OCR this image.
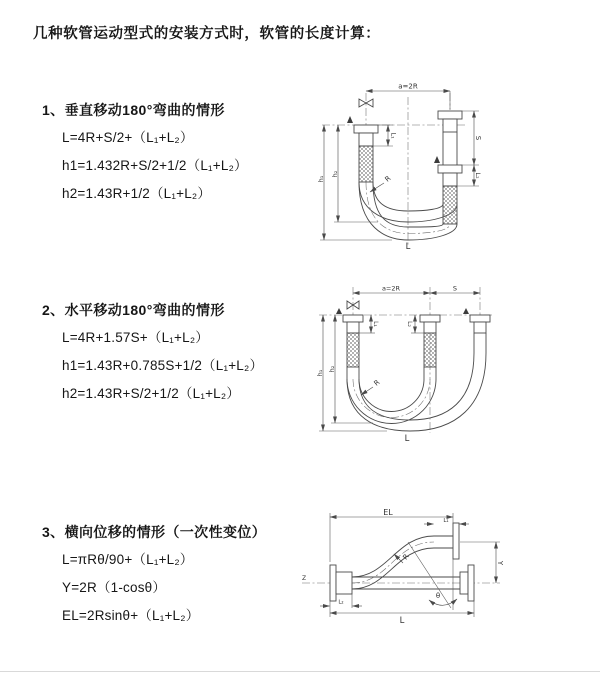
几种软管运动型式的安装方式时，软管的长度计算：
1、垂直移动180°弯曲的情形
L=4R+S/2+（L₁+L₂）
h1=1.432R+S/2+1/2（L₁+L₂）
h2=1.43R+1/2（L₁+L₂）
2、水平移动180°弯曲的情形
L=4R+1.57S+（L₁+L₂）
h1=1.43R+0.785S+1/2（L₁+L₂）
h2=1.43R+S/2+1/2（L₁+L₂）
3、横向位移的情形（一次性变位）
L=πRθ/90+（L₁+L₂）
Y=2R（1-cosθ）
EL=2Rsinθ+（L₁+L₂）
a=2R
L₁	S
L₂
h₂
h₁	R
L
a=2R	S
L₁	L₂
h₂
h₁
R
L
Z
EL
L₁
Y
L
L₂
θ
R
